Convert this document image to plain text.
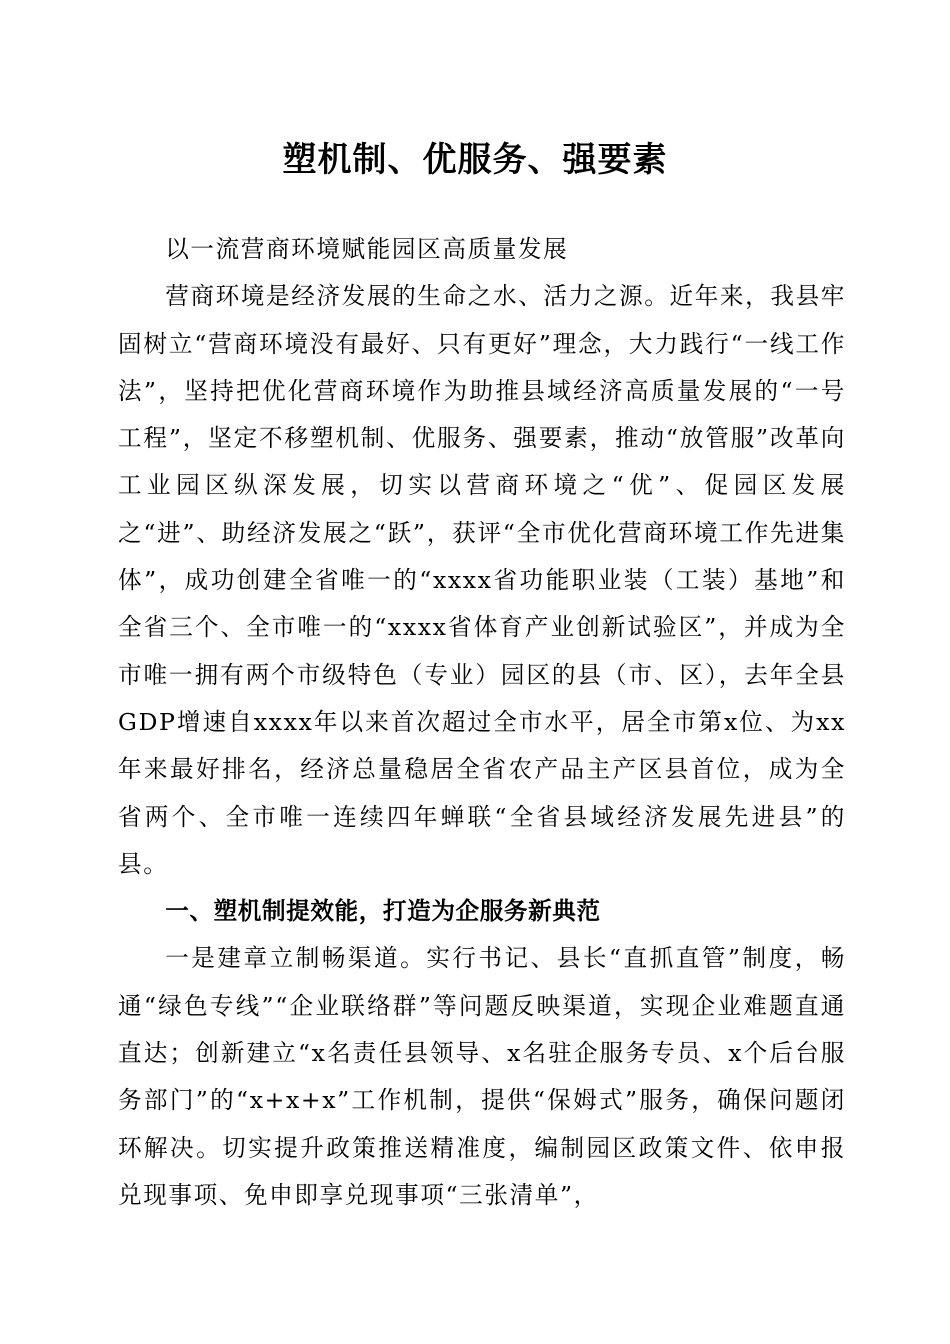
塑机制、优服务、强要素

以一流营商环境赋能园区高质量发展

营商环境是经济发展的生命之水、活力之源。近年来，我县牢固树立“营商环境没有最好、只有更好”理念，大力践行“一线工作法”，坚持把优化营商环境作为助推县域经济高质量发展的“一号工程”，坚定不移塑机制、优服务、强要素，推动“放管服”改革向工业园区纵深发展，切实以营商环境之“优”、促园区发展之“进”、助经济发展之“跃”，获评“全市优化营商环境工作先进集体”，成功创建全省唯一的“xxxx省功能职业装（工装）基地”和全省三个、全市唯一的“xxxx省体育产业创新试验区”，并成为全市唯一拥有两个市级特色（专业）园区的县（市、区），去年全县GDP增速自xxxx年以来首次超过全市水平，居全市第x位、为xx年来最好排名，经济总量稳居全省农产品主产区县首位，成为全省两个、全市唯一连续四年蝉联“全省县域经济发展先进县”的县。

一、塑机制提效能，打造为企服务新典范

一是建章立制畅渠道。实行书记、县长“直抓直管”制度，畅通“绿色专线”“企业联络群”等问题反映渠道，实现企业难题直通直达；创新建立“x名责任县领导、x名驻企服务专员、x个后台服务部门”的“x+x+x”工作机制，提供“保姆式”服务，确保问题闭环解决。切实提升政策推送精准度，编制园区政策文件、依申报兑现事项、免申即享兑现事项“三张清单”，
